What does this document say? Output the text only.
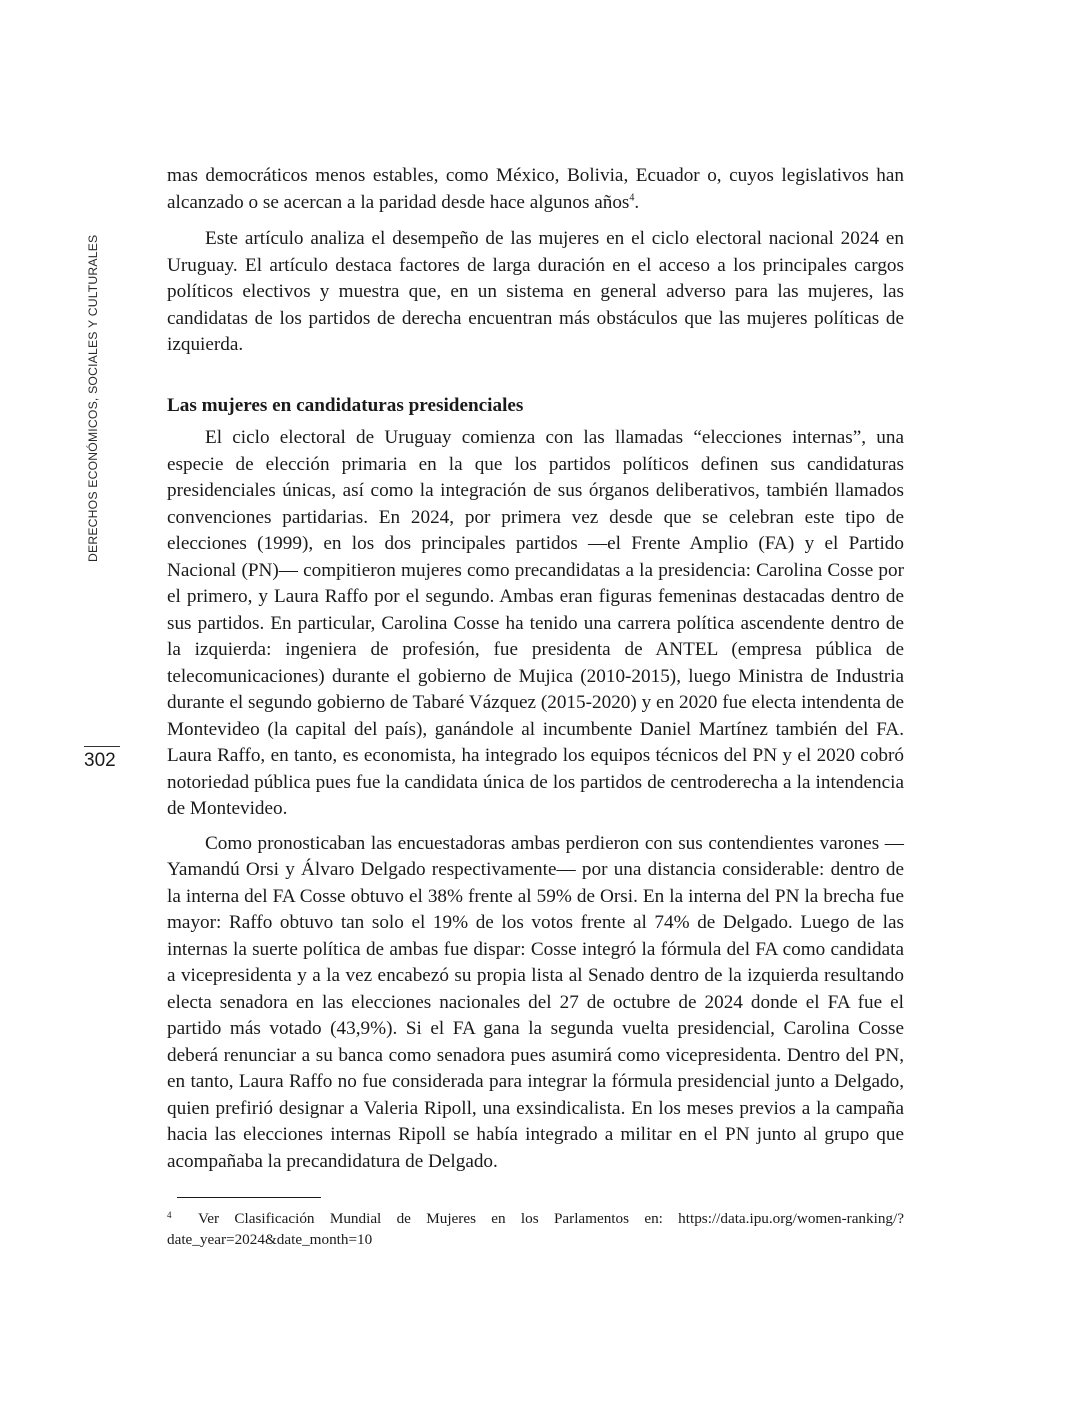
DERECHOS ECONÓMICOS, SOCIALES Y CULTURALES
302

mas democráticos menos estables, como México, Bolivia, Ecuador o, cuyos legislativos han alcanzado o se acercan a la paridad desde hace algunos años$^4$.

Este artículo analiza el desempeño de las mujeres en el ciclo electoral nacional 2024 en Uruguay. El artículo destaca factores de larga duración en el acceso a los principales cargos políticos electivos y muestra que, en un sistema en general adverso para las mujeres, las candidatas de los partidos de derecha encuentran más obstáculos que las mujeres políticas de izquierda.

Las mujeres en candidaturas presidenciales

El ciclo electoral de Uruguay comienza con las llamadas “elecciones internas”, una especie de elección primaria en la que los partidos políticos definen sus candidaturas presidenciales únicas, así como la integración de sus órganos deliberativos, también llamados convenciones partidarias. En 2024, por primera vez desde que se celebran este tipo de elecciones (1999), en los dos principales partidos —el Frente Amplio (FA) y el Partido Nacional (PN)— compitieron mujeres como precandidatas a la presidencia: Carolina Cosse por el primero, y Laura Raffo por el segundo. Ambas eran figuras femeninas destacadas dentro de sus partidos. En particular, Carolina Cosse ha tenido una carrera política ascendente dentro de la izquierda: ingeniera de profesión, fue presidenta de ANTEL (empresa pública de telecomunicaciones) durante el gobierno de Mujica (2010-2015), luego Ministra de Industria durante el segundo gobierno de Tabaré Vázquez (2015-2020) y en 2020 fue electa intendenta de Montevideo (la capital del país), ganándole al incumbente Daniel Martínez también del FA. Laura Raffo, en tanto, es economista, ha integrado los equipos técnicos del PN y el 2020 cobró notoriedad pública pues fue la candidata única de los partidos de centroderecha a la intendencia de Montevideo.

Como pronosticaban las encuestadoras ambas perdieron con sus contendientes varones —Yamandú Orsi y Álvaro Delgado respectivamente— por una distancia considerable: dentro de la interna del FA Cosse obtuvo el 38% frente al 59% de Orsi. En la interna del PN la brecha fue mayor: Raffo obtuvo tan solo el 19% de los votos frente al 74% de Delgado. Luego de las internas la suerte política de ambas fue dispar: Cosse integró la fórmula del FA como candidata a vicepresidenta y a la vez encabezó su propia lista al Senado dentro de la izquierda resultando electa senadora en las elecciones nacionales del 27 de octubre de 2024 donde el FA fue el partido más votado (43,9%). Si el FA gana la segunda vuelta presidencial, Carolina Cosse deberá renunciar a su banca como senadora pues asumirá como vicepresidenta. Dentro del PN, en tanto, Laura Raffo no fue considerada para integrar la fórmula presidencial junto a Delgado, quien prefirió designar a Valeria Ripoll, una exsindicalista. En los meses previos a la campaña hacia las elecciones internas Ripoll se había integrado a militar en el PN junto al grupo que acompañaba la precandidatura de Delgado.

4 Ver Clasificación Mundial de Mujeres en los Parlamentos en: https://data.ipu.org/women-ranking/?date_year=2024&date_month=10
